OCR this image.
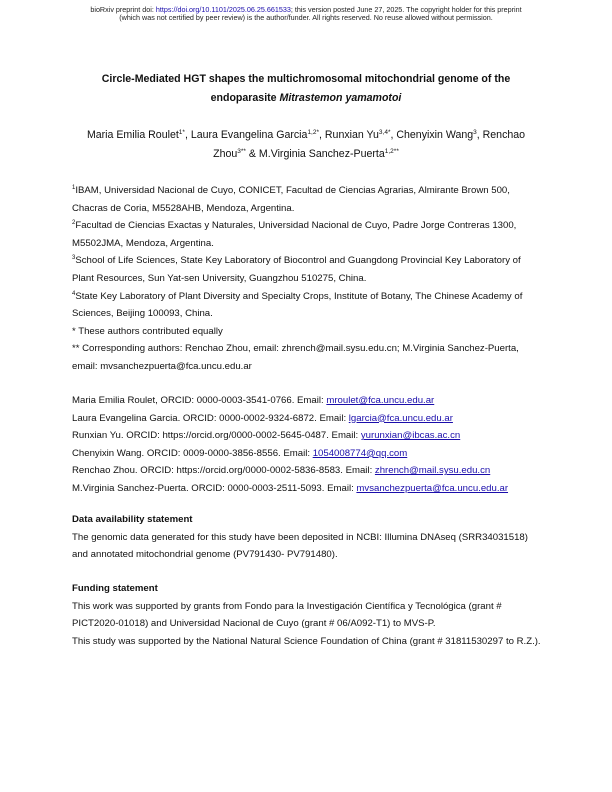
bioRxiv preprint doi: https://doi.org/10.1101/2025.06.25.661533; this version posted June 27, 2025. The copyright holder for this preprint
(which was not certified by peer review) is the author/funder. All rights reserved. No reuse allowed without permission.
Circle-Mediated HGT shapes the multichromosomal mitochondrial genome of the
endoparasite Mitrastemon yamamotoi
Maria Emilia Roulet$^{1*}$, Laura Evangelina Garcia$^{1,2*}$, Runxian $Yu^{3,4*}$, Chenyixin Wang$^3$, Renchao
Zhou$^{3**}$ & M.Virginia Sanchez-Puerta$^{1,2**}$

$^1$IBAM, Universidad Nacional de Cuyo, CONICET, Facultad de Ciencias Agrarias, Almirante Brown 500, Chacras de Coria, M5528AHB, Mendoza, Argentina.

$^2$Facultad de Ciencias Exactas y Naturales, Universidad Nacional de Cuyo, Padre Jorge Contreras 1300, M5502JMA, Mendoza, Argentina.

$^3$School of Life Sciences, State Key Laboratory of Biocontrol and Guangdong Provincial Key Laboratory of Plant Resources, Sun Yat-sen University, Guangzhou 510275, China.

$^4$State Key Laboratory of Plant Diversity and Specialty Crops, Institute of Botany, The Chinese Academy of Sciences, Beijing 100093, China.

* These authors contributed equally

** Corresponding authors: Renchao Zhou, email: zhrench@mail.sysu.edu.cn; M.Virginia Sanchez-Puerta, email: mvsanchezpuerta@fca.uncu.edu.ar

Maria Emilia Roulet, ORCID: 0000-0003-3541-0766. Email: mroulet@fca.uncu.edu.ar

Laura Evangelina Garcia. ORCID: 0000-0002-9324-6872. Email: lgarcia@fca.uncu.edu.ar

Runxian Yu. ORCID: https://orcid.org/0000-0002-5645-0487. Email: yurunxian@ibcas.ac.cn

Chenyixin Wang. ORCID: 0009-0000-3856-8556. Email: 1054008774@qq.com

Renchao Zhou. ORCID: https://orcid.org/0000-0002-5836-8583. Email: zhrench@mail.sysu.edu.cn

M.Virginia Sanchez-Puerta. ORCID: 0000-0003-2511-5093. Email: mvsanchezpuerta@fca.uncu.edu.ar

Data availability statement

The genomic data generated for this study have been deposited in NCBI: Illumina DNAseq (SRR34031518) and annotated mitochondrial genome (PV791430- PV791480).

Funding statement

This work was supported by grants from Fondo para la Investigación Científica y Tecnológica (grant # PICT2020-01018) and Universidad Nacional de Cuyo (grant # 06/A092-T1) to MVS-P.

This study was supported by the National Natural Science Foundation of China (grant # 31811530297 to R.Z.).
